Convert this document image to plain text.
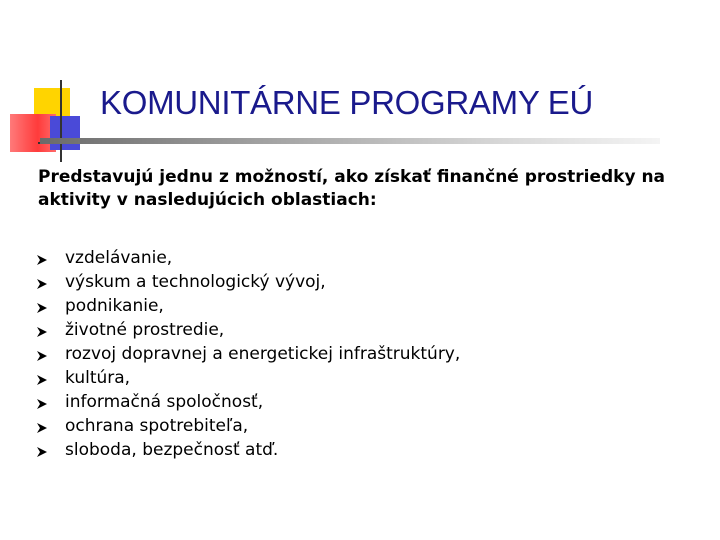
KOMUNITÁRNE PROGRAMY EÚ

Predstavujú jednu z možností, ako získať finančné prostriedky na aktivity v nasledujúcich oblastiach:

vzdelávanie,
výskum a technologický vývoj,
podnikanie,
životné prostredie,
rozvoj dopravnej a energetickej infraštruktúry,
kultúra,
informačná spoločnosť,
ochrana spotrebiteľa,
sloboda, bezpečnosť atď.
